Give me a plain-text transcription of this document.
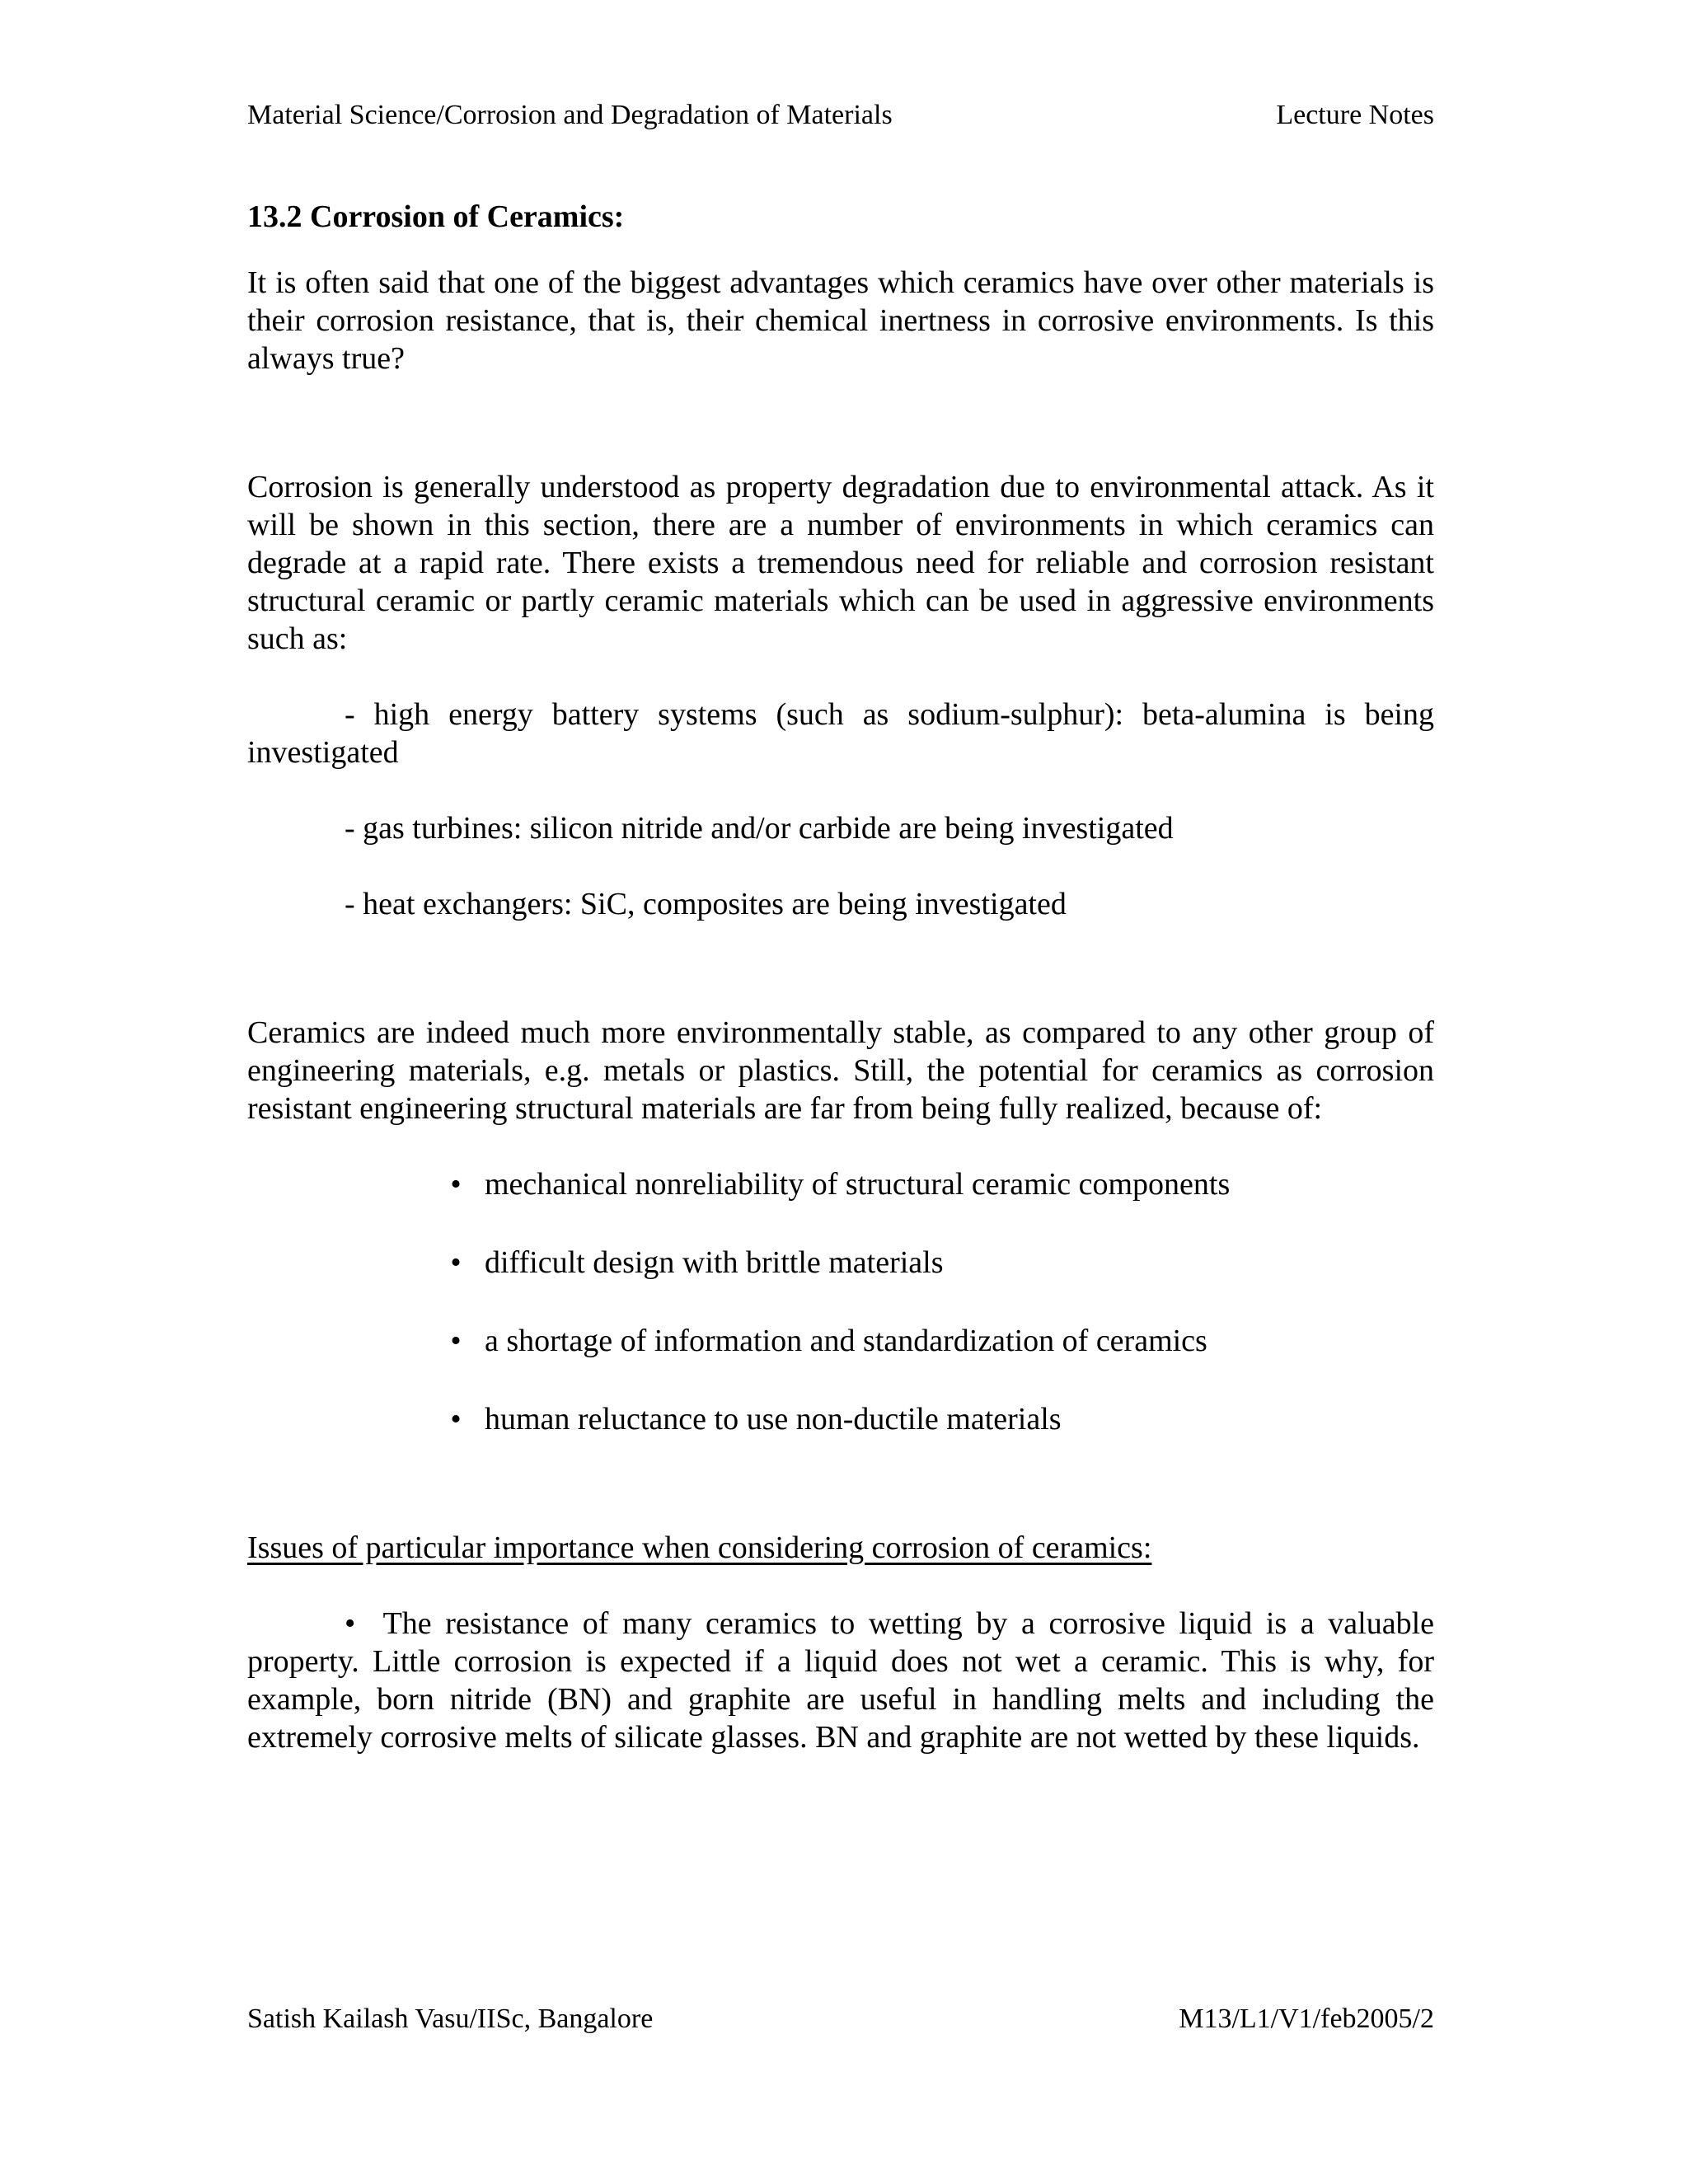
Material Science/Corrosion and Degradation of Materials	Lecture Notes
13.2 Corrosion of Ceramics:

It is often said that one of the biggest advantages which ceramics have over other materials is their corrosion resistance, that is, their chemical inertness in corrosive environments. Is this always true?

Corrosion is generally understood as property degradation due to environmental attack. As it will be shown in this section, there are a number of environments in which ceramics can degrade at a rapid rate. There exists a tremendous need for reliable and corrosion resistant structural ceramic or partly ceramic materials which can be used in aggressive environments such as:

- high energy battery systems (such as sodium-sulphur): beta-alumina is being investigated

- gas turbines: silicon nitride and/or carbide are being investigated

- heat exchangers: SiC, composites are being investigated

Ceramics are indeed much more environmentally stable, as compared to any other group of engineering materials, e.g. metals or plastics. Still, the potential for ceramics as corrosion resistant engineering structural materials are far from being fully realized, because of:

• mechanical nonreliability of structural ceramic components
• difficult design with brittle materials
• a shortage of information and standardization of ceramics
• human reluctance to use non-ductile materials
Issues of particular importance when considering corrosion of ceramics:

• The resistance of many ceramics to wetting by a corrosive liquid is a valuable property. Little corrosion is expected if a liquid does not wet a ceramic. This is why, for example, born nitride (BN) and graphite are useful in handling melts and including the extremely corrosive melts of silicate glasses. BN and graphite are not wetted by these liquids.

Satish Kailash Vasu/IISc, Bangalore	M13/L1/V1/feb2005/2
